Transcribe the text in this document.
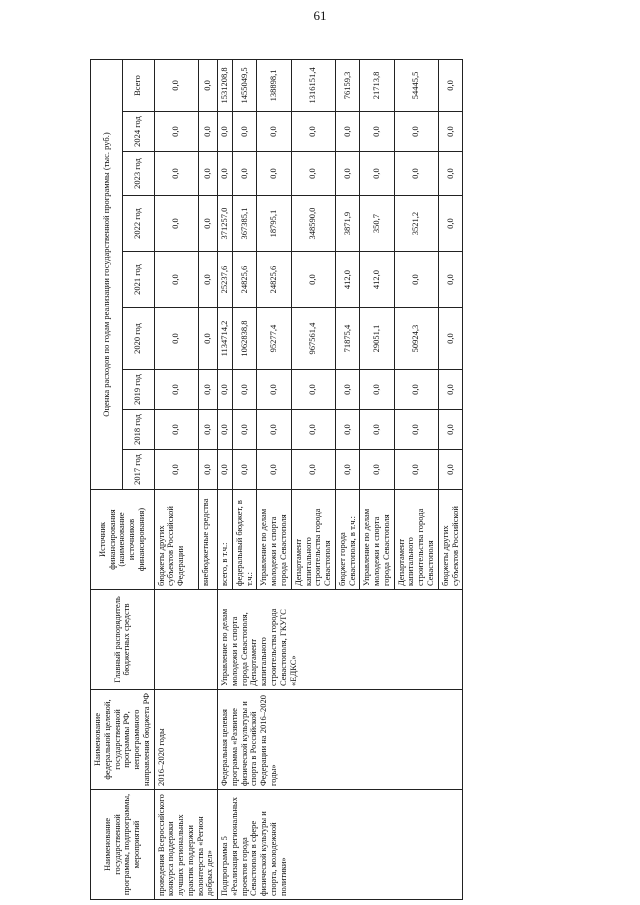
61
Наименование государственной программы, подпрограммы, мероприятий	Наименование федеральной целевой, государственной программы РФ, непрограммного направления бюджета РФ	Главный распорядитель бюджетных средств	Источник финансирования (наименование источников финансирования)	Оценка расходов по годам реализации государственной программы (тыс. руб.)								
				2017 год	2018 год	2019 год	2020 год	2021 год	2022 год	2023 год	2024 год	Всего
проведения Всероссийского конкурса поддержки лучших региональных практик поддержки волонтерства «Регион добрых дел»	2016–2020 годы		бюджеты других субъектов Российской Федерации	0,0	0,0	0,0	0,0	0,0	0,0	0,0	0,0	0,0
			внебюджетные средства	0,0	0,0	0,0	0,0	0,0	0,0	0,0	0,0	0,0
Подпрограмма 5 «Реализация региональных проектов города Севастополя в сфере физической культуры и спорта, молодежной политики»	Федеральная целевая программа «Развитие физической культуры и спорта в Российской Федерации на 2016–2020 годы»	Управление по делам молодежи и спорта города Севастополя, Департамент капитального строительства города Севастополя, ГКУГС «ЕДКС»	всего, в т.ч.:	0,0	0,0	0,0	1134714,2	25237,6	371257,0	0,0	0,0	1531208,8
			федеральный бюджет, в т.ч.:	0,0	0,0	0,0	1062838,8	24825,6	367385,1	0,0	0,0	1455049,5
			Управление по делам молодежи и спорта города Севастополя	0,0	0,0	0,0	95277,4	24825,6	18795,1	0,0	0,0	138898,1
			Департамент капитального строительства города Севастополя	0,0	0,0	0,0	967561,4	0,0	348590,0	0,0	0,0	1316151,4
			бюджет города Севастополя, в т.ч.:	0,0	0,0	0,0	71875,4	412,0	3871,9	0,0	0,0	76159,3
			Управление по делам молодежи и спорта города Севастополя	0,0	0,0	0,0	29051,1	412,0	350,7	0,0	0,0	21713,8
			Департамент капитального строительства города Севастополя	0,0	0,0	0,0	50924,3	0,0	3521,2	0,0	0,0	54445,5
			бюджеты других субъектов Российской	0,0	0,0	0,0	0,0	0,0	0,0	0,0	0,0	0,0
